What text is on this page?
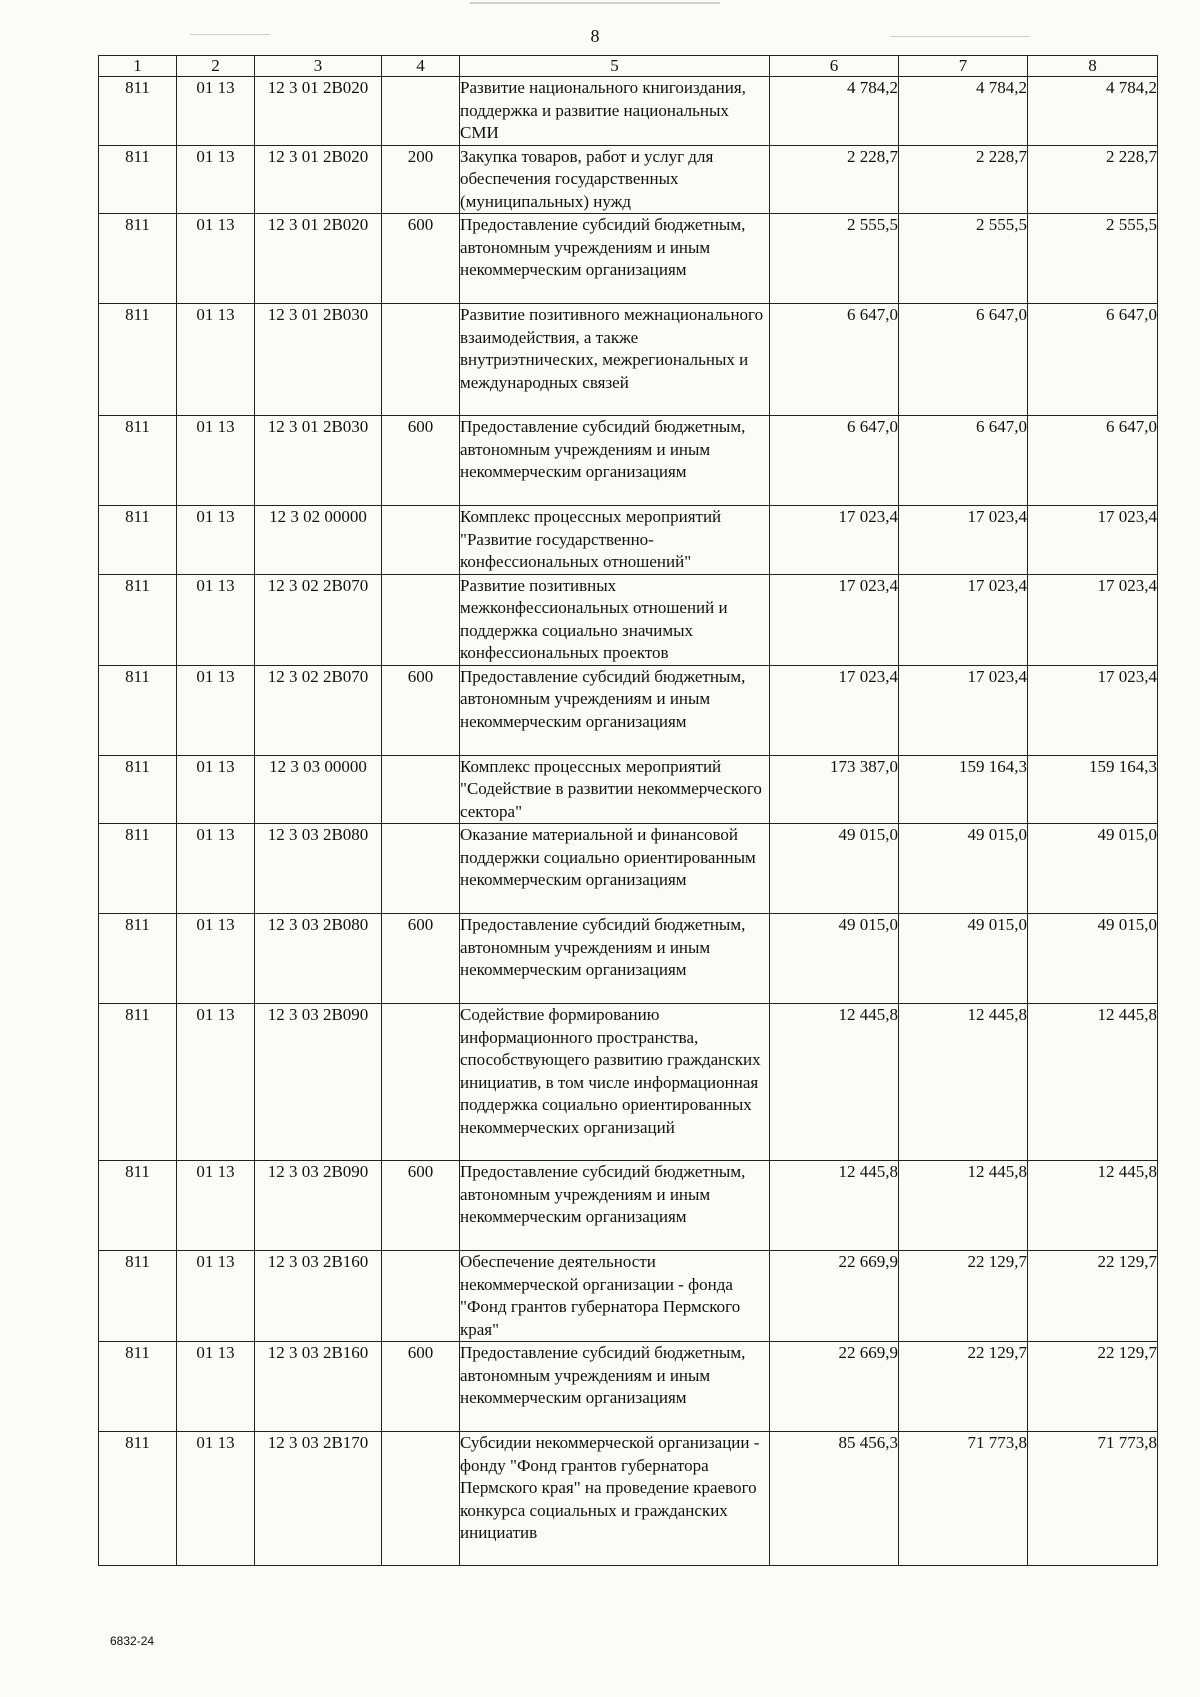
8
1	2	3	4	5	6	7	8
811	01 13	12 3 01 2В020		Развитие национального книгоиздания, поддержка и развитие национальных СМИ	4 784,2	4 784,2	4 784,2
811	01 13	12 3 01 2В020	200	Закупка товаров, работ и услуг для обеспечения государственных (муниципальных) нужд	2 228,7	2 228,7	2 228,7
811	01 13	12 3 01 2В020	600	Предоставление субсидий бюджетным, автономным учреждениям и иным некоммерческим организациям	2 555,5	2 555,5	2 555,5
811	01 13	12 3 01 2В030		Развитие позитивного межнационального взаимодействия, а также внутриэтнических, межрегиональных и международных связей	6 647,0	6 647,0	6 647,0
811	01 13	12 3 01 2В030	600	Предоставление субсидий бюджетным, автономным учреждениям и иным некоммерческим организациям	6 647,0	6 647,0	6 647,0
811	01 13	12 3 02 00000		Комплекс процессных мероприятий "Развитие государственно-конфессиональных отношений"	17 023,4	17 023,4	17 023,4
811	01 13	12 3 02 2В070		Развитие позитивных межконфессиональных отношений и поддержка социально значимых конфессиональных проектов	17 023,4	17 023,4	17 023,4
811	01 13	12 3 02 2В070	600	Предоставление субсидий бюджетным, автономным учреждениям и иным некоммерческим организациям	17 023,4	17 023,4	17 023,4
811	01 13	12 3 03 00000		Комплекс процессных мероприятий "Содействие в развитии некоммерческого сектора"	173 387,0	159 164,3	159 164,3
811	01 13	12 3 03 2В080		Оказание материальной и финансовой поддержки социально ориентированным некоммерческим организациям	49 015,0	49 015,0	49 015,0
811	01 13	12 3 03 2В080	600	Предоставление субсидий бюджетным, автономным учреждениям и иным некоммерческим организациям	49 015,0	49 015,0	49 015,0
811	01 13	12 3 03 2В090		Содействие формированию информационного пространства, способствующего развитию гражданских инициатив, в том числе информационная поддержка социально ориентированных некоммерческих организаций	12 445,8	12 445,8	12 445,8
811	01 13	12 3 03 2В090	600	Предоставление субсидий бюджетным, автономным учреждениям и иным некоммерческим организациям	12 445,8	12 445,8	12 445,8
811	01 13	12 3 03 2В160		Обеспечение деятельности некоммерческой организации - фонда "Фонд грантов губернатора Пермского края"	22 669,9	22 129,7	22 129,7
811	01 13	12 3 03 2В160	600	Предоставление субсидий бюджетным, автономным учреждениям и иным некоммерческим организациям	22 669,9	22 129,7	22 129,7
811	01 13	12 3 03 2В170		Субсидии некоммерческой организации - фонду "Фонд грантов губернатора Пермского края" на проведение краевого конкурса социальных и гражданских инициатив	85 456,3	71 773,8	71 773,8
6832-24
